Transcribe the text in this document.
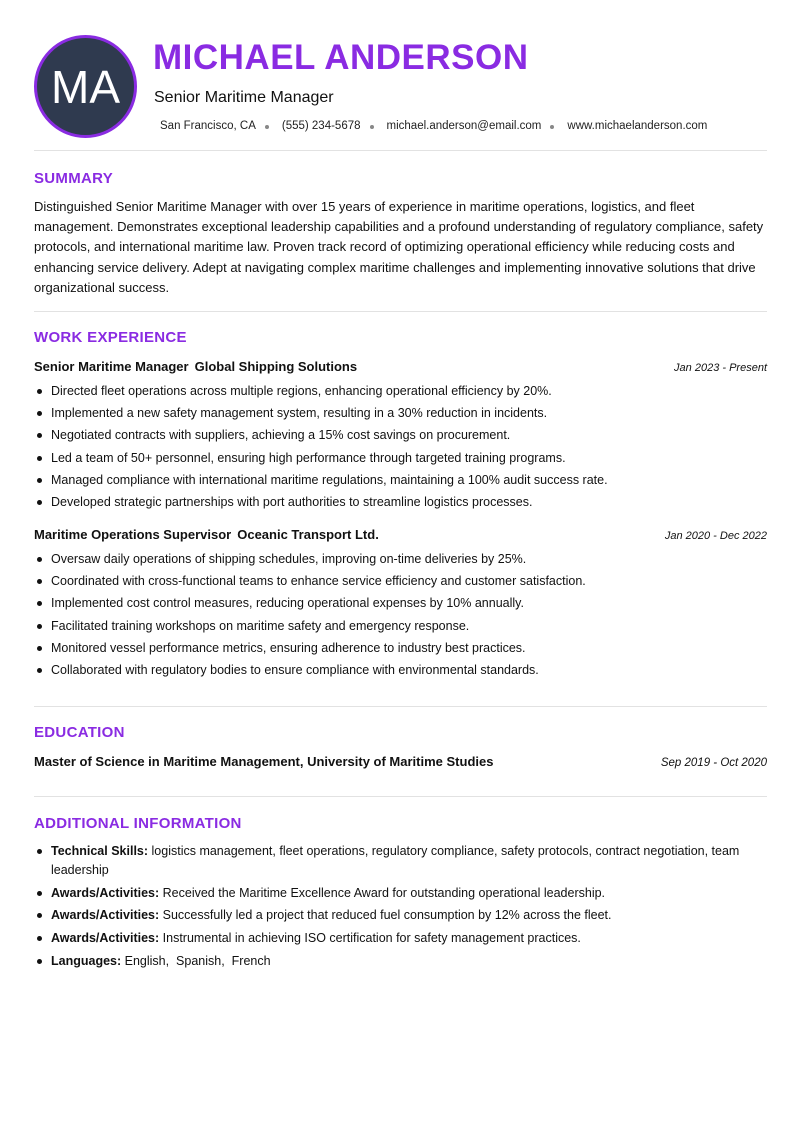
MA
MICHAEL ANDERSON
Senior Maritime Manager
San Francisco, CA (555) 234-5678 michael.anderson@email.com www.michaelanderson.com
SUMMARY

Distinguished Senior Maritime Manager with over 15 years of experience in maritime operations, logistics, and fleet management. Demonstrates exceptional leadership capabilities and a profound understanding of regulatory compliance, safety protocols, and international maritime law. Proven track record of optimizing operational efficiency while reducing costs and enhancing service delivery. Adept at navigating complex maritime challenges and implementing innovative solutions that drive organizational success.

WORK EXPERIENCE
Senior Maritime Manager Global Shipping Solutions	Jan 2023 - Present
Directed fleet operations across multiple regions, enhancing operational efficiency by 20%.
Implemented a new safety management system, resulting in a 30% reduction in incidents.
Negotiated contracts with suppliers, achieving a 15% cost savings on procurement.
Led a team of 50+ personnel, ensuring high performance through targeted training programs.
Managed compliance with international maritime regulations, maintaining a 100% audit success rate.
Developed strategic partnerships with port authorities to streamline logistics processes.
Maritime Operations Supervisor Oceanic Transport Ltd.	Jan 2020 - Dec 2022
Oversaw daily operations of shipping schedules, improving on-time deliveries by 25%.
Coordinated with cross-functional teams to enhance service efficiency and customer satisfaction.
Implemented cost control measures, reducing operational expenses by 10% annually.
Facilitated training workshops on maritime safety and emergency response.
Monitored vessel performance metrics, ensuring adherence to industry best practices.
Collaborated with regulatory bodies to ensure compliance with environmental standards.
EDUCATION
Master of Science in Maritime Management, University of Maritime Studies	Sep 2019 - Oct 2020
ADDITIONAL INFORMATION
Technical Skills: logistics management, fleet operations, regulatory compliance, safety protocols, contract negotiation, team leadership
Awards/Activities: Received the Maritime Excellence Award for outstanding operational leadership.
Awards/Activities: Successfully led a project that reduced fuel consumption by 12% across the fleet.
Awards/Activities: Instrumental in achieving ISO certification for safety management practices.
Languages: English,  Spanish,  French
